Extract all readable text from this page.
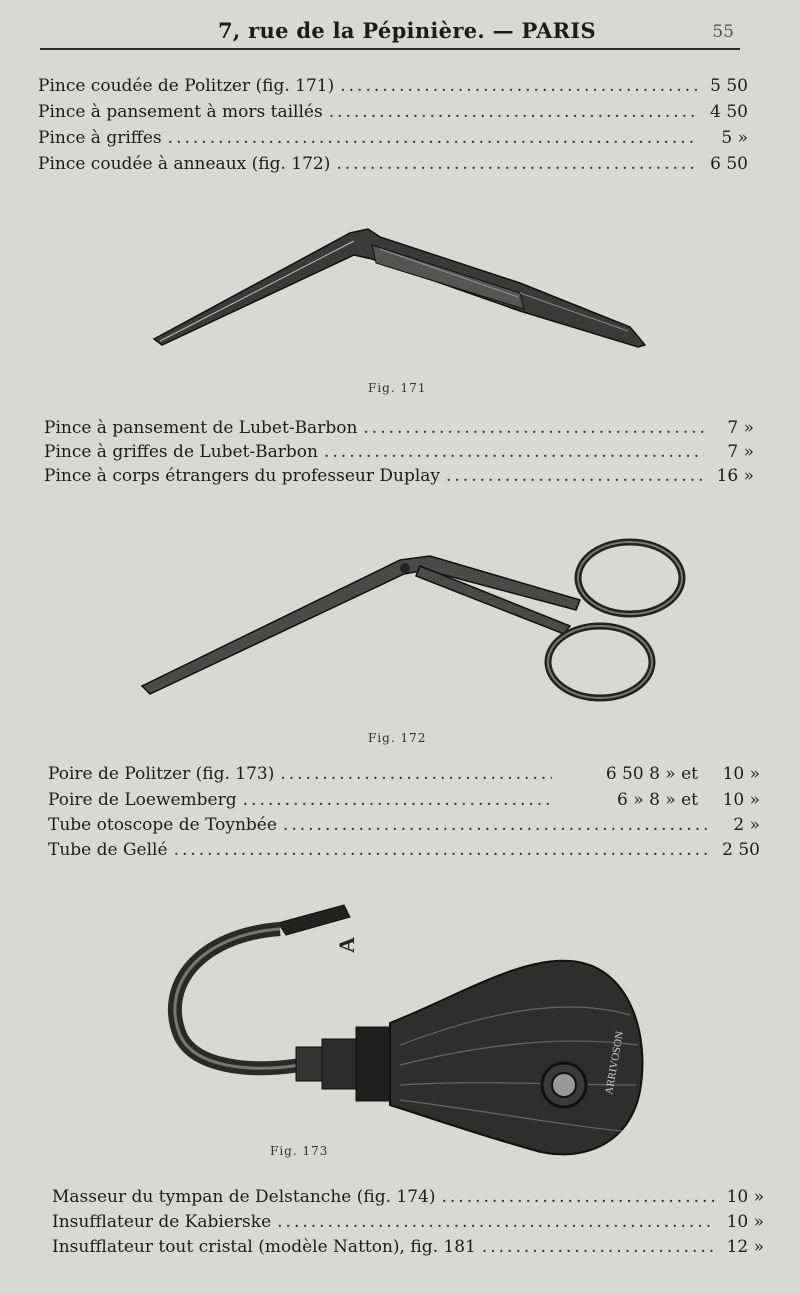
7, rue de la Pépinière. — PARIS	55
Pince coudée de Politzer (fig. 171) .....	5 50
Pince à pansement à mors taillés .....	4 50
Pince à griffes .....	5 »
Pince coudée à anneaux (fig. 172) .....	6 50
Fig. 171
Pince à pansement de Lubet-Barbon .....	7 »
Pince à griffes de Lubet-Barbon .....	7 »
Pince à corps étrangers du professeur Duplay .....	16 »
Fig. 172
Poire de Politzer (fig. 173) .....	6 50 8 » et	10 »
Poire de Loewemberg .....	6 » 8 » et	10 »
Tube otoscope de Toynbée .....	2 »
Tube de Gellé .....	2 50
A
ARRIVOSON
Fig. 173
Masseur du tympan de Delstanche (fig. 174) .....	10 »
Insufflateur de Kabierske .....	10 »
Insufflateur tout cristal (modèle Natton), fig. 181 .....	12 »
